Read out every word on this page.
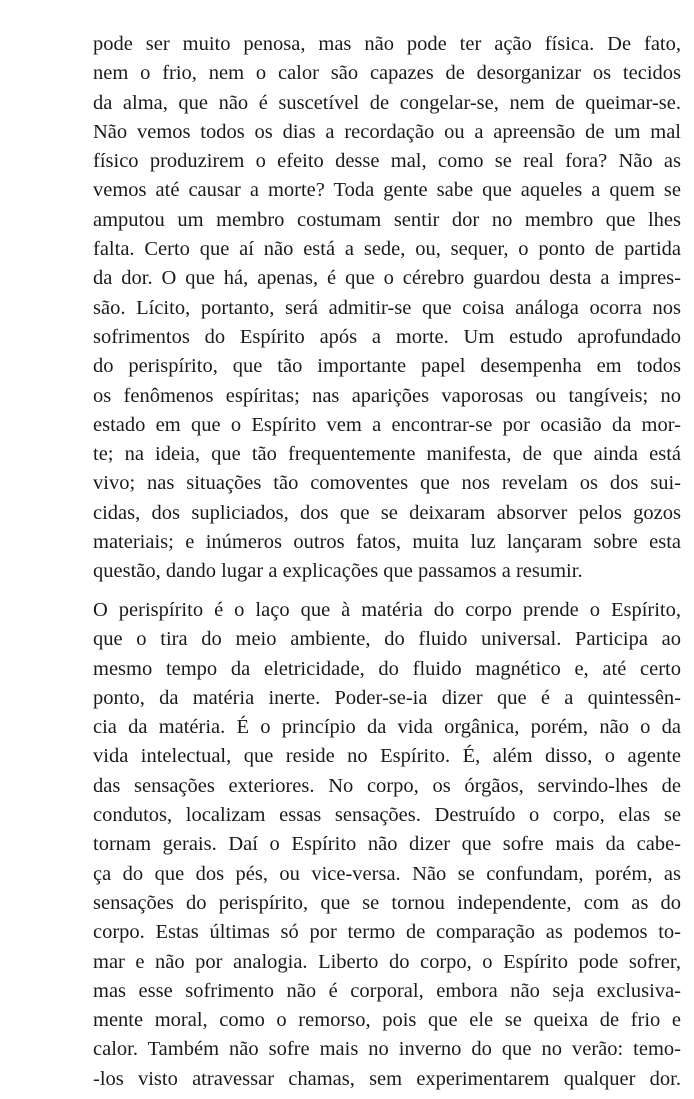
pode ser muito penosa, mas não pode ter ação física. De fato,
nem o frio, nem o calor são capazes de desorganizar os tecidos
da alma, que não é suscetível de congelar-se, nem de queimar-se.
Não vemos todos os dias a recordação ou a apreensão de um mal
físico produzirem o efeito desse mal, como se real fora? Não as
vemos até causar a morte? Toda gente sabe que aqueles a quem se
amputou um membro costumam sentir dor no membro que lhes
falta. Certo que aí não está a sede, ou, sequer, o ponto de partida
da dor. O que há, apenas, é que o cérebro guardou desta a impres-
são. Lícito, portanto, será admitir-se que coisa análoga ocorra nos
sofrimentos do Espírito após a morte. Um estudo aprofundado
do perispírito, que tão importante papel desempenha em todos
os fenômenos espíritas; nas aparições vaporosas ou tangíveis; no
estado em que o Espírito vem a encontrar-se por ocasião da mor-
te; na ideia, que tão frequentemente manifesta, de que ainda está
vivo; nas situações tão comoventes que nos revelam os dos sui-
cidas, dos supliciados, dos que se deixaram absorver pelos gozos
materiais; e inúmeros outros fatos, muita luz lançaram sobre esta
questão, dando lugar a explicações que passamos a resumir.
O perispírito é o laço que à matéria do corpo prende o Espírito,
que o tira do meio ambiente, do fluido universal. Participa ao
mesmo tempo da eletricidade, do fluido magnético e, até certo
ponto, da matéria inerte. Poder-se-ia dizer que é a quintessên-
cia da matéria. É o princípio da vida orgânica, porém, não o da
vida intelectual, que reside no Espírito. É, além disso, o agente
das sensações exteriores. No corpo, os órgãos, servindo-lhes de
condutos, localizam essas sensações. Destruído o corpo, elas se
tornam gerais. Daí o Espírito não dizer que sofre mais da cabe-
ça do que dos pés, ou vice-versa. Não se confundam, porém, as
sensações do perispírito, que se tornou independente, com as do
corpo. Estas últimas só por termo de comparação as podemos to-
mar e não por analogia. Liberto do corpo, o Espírito pode sofrer,
mas esse sofrimento não é corporal, embora não seja exclusiva-
mente moral, como o remorso, pois que ele se queixa de frio e
calor. Também não sofre mais no inverno do que no verão: temo-
-los visto atravessar chamas, sem experimentarem qualquer dor.
